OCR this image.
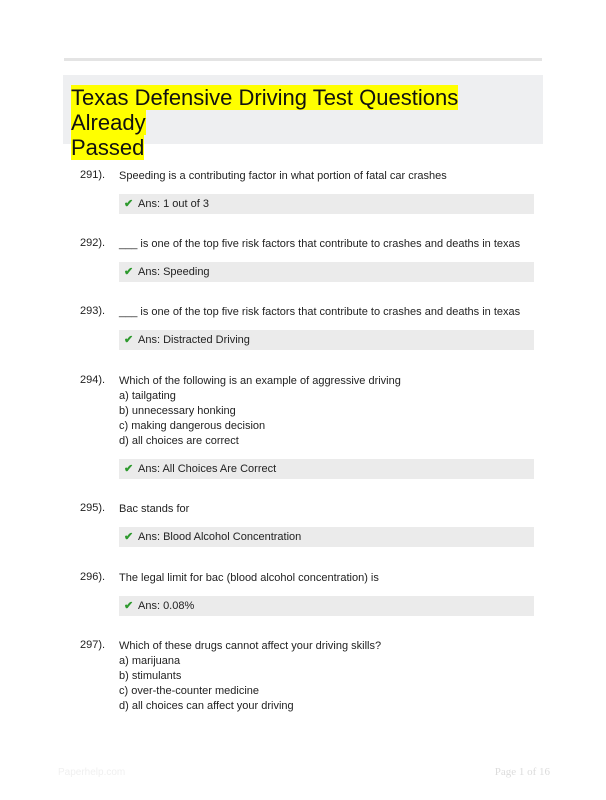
Texas Defensive Driving Test Questions Already
Passed
291). Speeding is a contributing factor in what portion of fatal car crashes
✔ Ans: 1 out of 3
292). ___ is one of the top five risk factors that contribute to crashes and deaths in texas
✔ Ans: Speeding
293). ___ is one of the top five risk factors that contribute to crashes and deaths in texas
✔ Ans: Distracted Driving
294). Which of the following is an example of aggressive driving
a) tailgating
b) unnecessary honking
c) making dangerous decision
d) all choices are correct
✔ Ans: All Choices Are Correct
295). Bac stands for
✔ Ans: Blood Alcohol Concentration
296). The legal limit for bac (blood alcohol concentration) is
✔ Ans: 0.08%
297). Which of these drugs cannot affect your driving skills?
a) marijuana
b) stimulants
c) over-the-counter medicine
d) all choices can affect your driving
Paperhelp.com	Page 1 of 16
